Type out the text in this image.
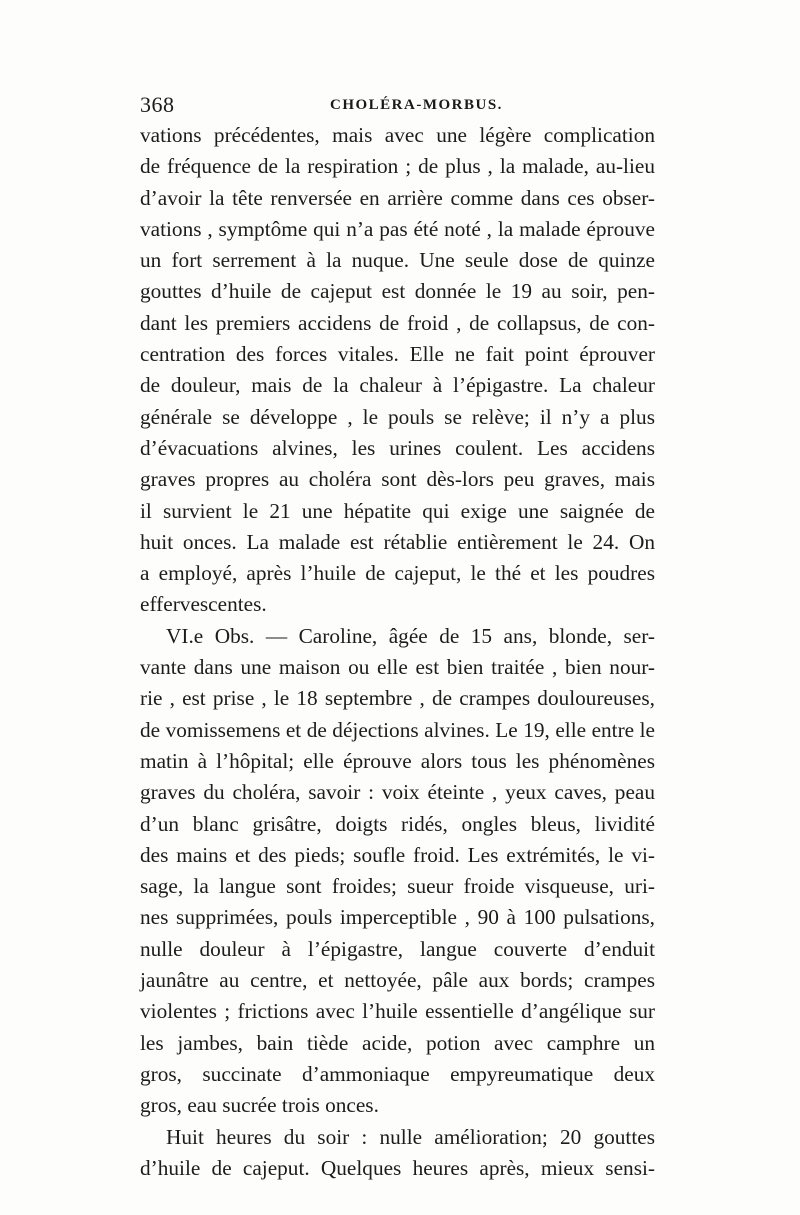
368	CHOLÉRA-MORBUS.
vations précédentes, mais avec une légère complication
de fréquence de la respiration ; de plus , la malade, au-lieu
d’avoir la tête renversée en arrière comme dans ces obser-
vations , symptôme qui n’a pas été noté , la malade éprouve
un fort serrement à la nuque. Une seule dose de quinze
gouttes d’huile de cajeput est donnée le 19 au soir, pen-
dant les premiers accidens de froid , de collapsus, de con-
centration des forces vitales. Elle ne fait point éprouver
de douleur, mais de la chaleur à l’épigastre. La chaleur
générale se développe , le pouls se relève; il n’y a plus
d’évacuations alvines, les urines coulent. Les accidens
graves propres au choléra sont dès-lors peu graves, mais
il survient le 21 une hépatite qui exige une saignée de
huit onces. La malade est rétablie entièrement le 24. On
a employé, après l’huile de cajeput, le thé et les poudres
effervescentes.
VI.e Obs. — Caroline, âgée de 15 ans, blonde, ser-
vante dans une maison ou elle est bien traitée , bien nour-
rie , est prise , le 18 septembre , de crampes douloureuses,
de vomissemens et de déjections alvines. Le 19, elle entre le
matin à l’hôpital; elle éprouve alors tous les phénomènes
graves du choléra, savoir : voix éteinte , yeux caves, peau
d’un blanc grisâtre, doigts ridés, ongles bleus, lividité
des mains et des pieds; soufle froid. Les extrémités, le vi-
sage, la langue sont froides; sueur froide visqueuse, uri-
nes supprimées, pouls imperceptible , 90 à 100 pulsations,
nulle douleur à l’épigastre, langue couverte d’enduit
jaunâtre au centre, et nettoyée, pâle aux bords; crampes
violentes ; frictions avec l’huile essentielle d’angélique sur
les jambes, bain tiède acide, potion avec camphre un
gros, succinate d’ammoniaque empyreumatique deux
gros, eau sucrée trois onces.
Huit heures du soir : nulle amélioration; 20 gouttes
d’huile de cajeput. Quelques heures après, mieux sensi-
